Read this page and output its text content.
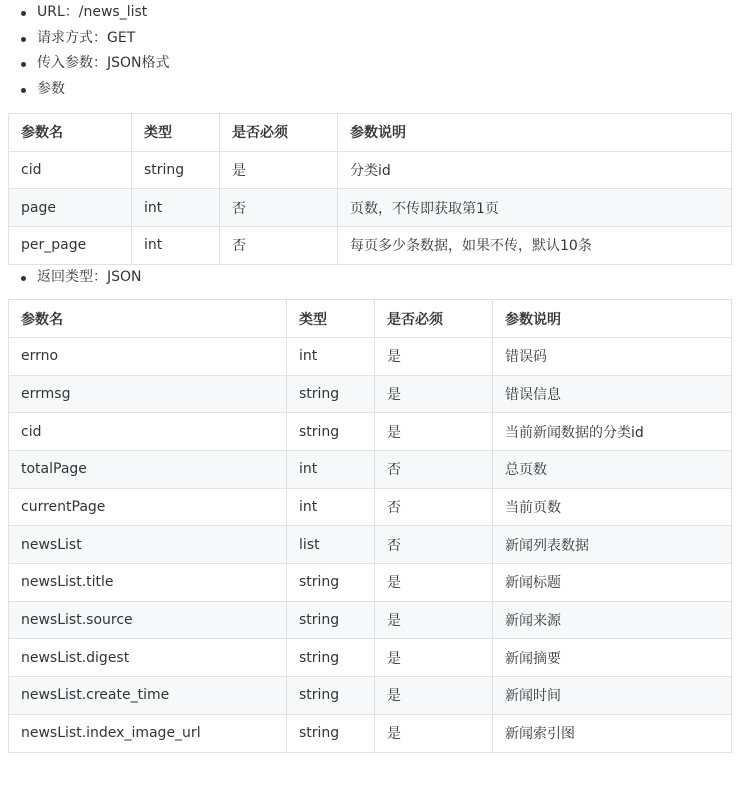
URL：/news_list
请求方式：GET
传入参数：JSON格式
参数
参数名	类型	是否必须	参数说明
cid	string	是	分类id
page	int	否	页数，不传即获取第1页
per_page	int	否	每页多少条数据，如果不传，默认10条
返回类型：JSON
参数名	类型	是否必须	参数说明
errno	int	是	错误码
errmsg	string	是	错误信息
cid	string	是	当前新闻数据的分类id
totalPage	int	否	总页数
currentPage	int	否	当前页数
newsList	list	否	新闻列表数据
newsList.title	string	是	新闻标题
newsList.source	string	是	新闻来源
newsList.digest	string	是	新闻摘要
newsList.create_time	string	是	新闻时间
newsList.index_image_url	string	是	新闻索引图
